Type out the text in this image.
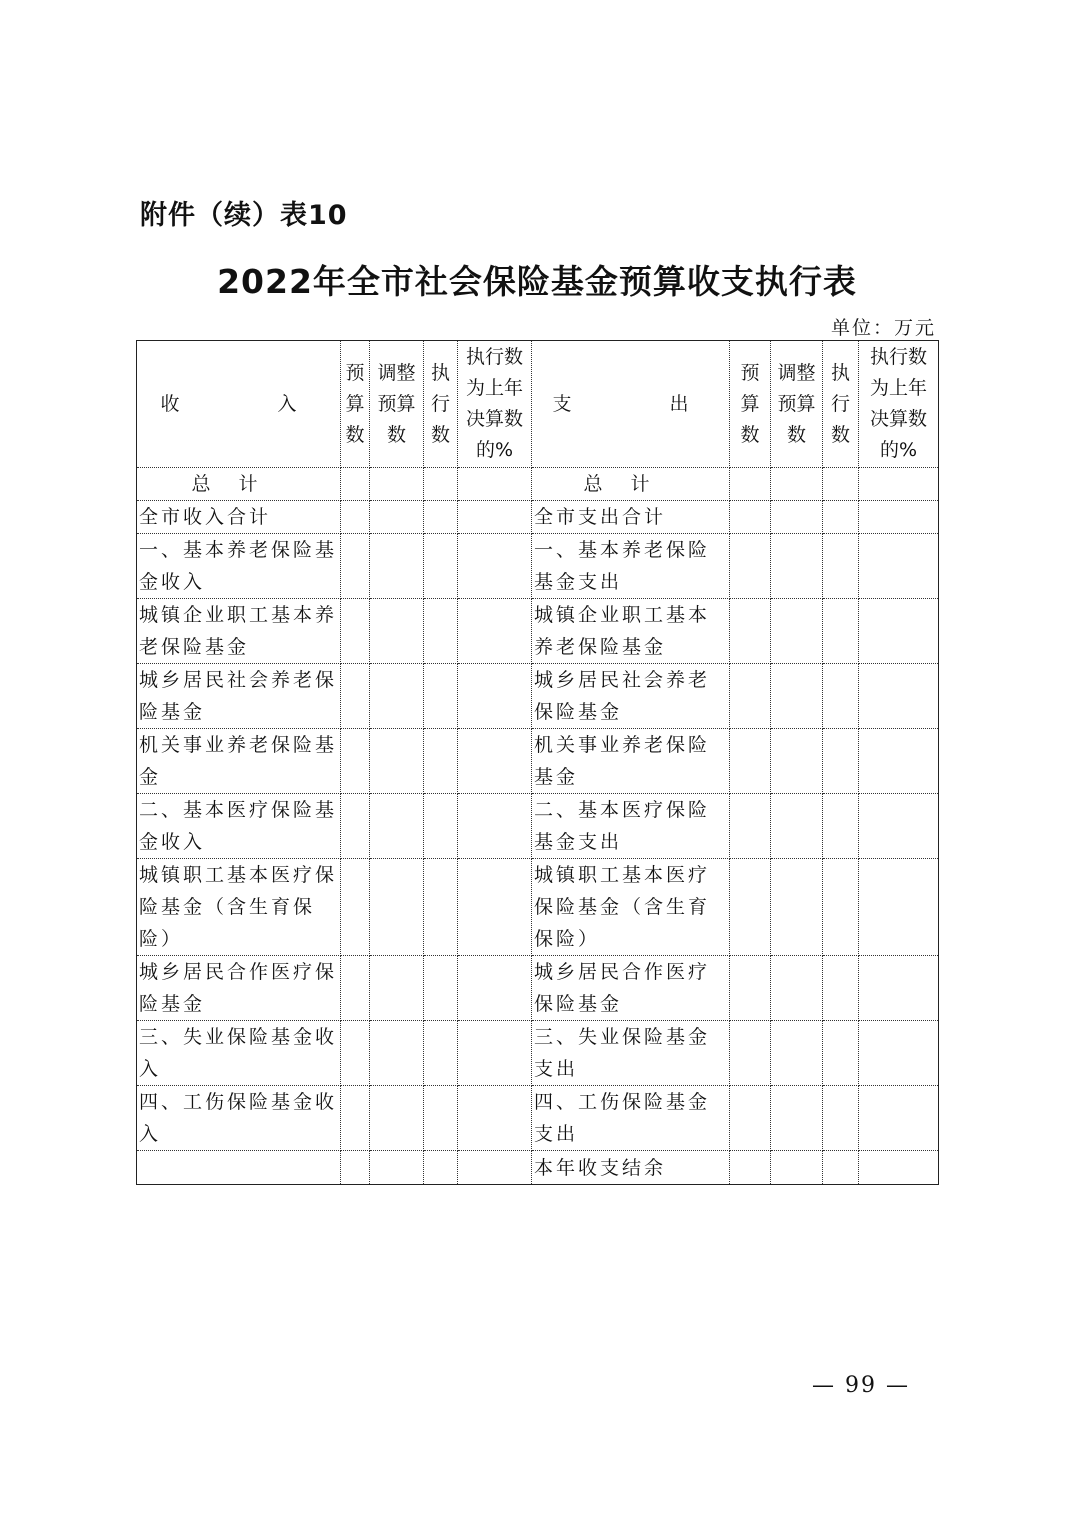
附件（续）表10
2022年全市社会保险基金预算收支执行表
单位：万元
收　　入	预算数	调整预算数	执行数	执行数为上年决算数的%	支　　出	预算数	调整预算数	执行数	执行数为上年决算数的%
总计					总计				
全市收入合计					全市支出合计				
一、基本养老保险基金收入					一、基本养老保险基金支出				
城镇企业职工基本养老保险基金					城镇企业职工基本养老保险基金				
城乡居民社会养老保险基金					城乡居民社会养老保险基金				
机关事业养老保险基金					机关事业养老保险基金				
二、基本医疗保险基金收入					二、基本医疗保险基金支出				
城镇职工基本医疗保险基金（含生育保险）					城镇职工基本医疗保险基金（含生育保险）				
城乡居民合作医疗保险基金					城乡居民合作医疗保险基金				
三、失业保险基金收入					三、失业保险基金支出				
四、工伤保险基金收入					四、工伤保险基金支出				
					本年收支结余				
— 99 —
